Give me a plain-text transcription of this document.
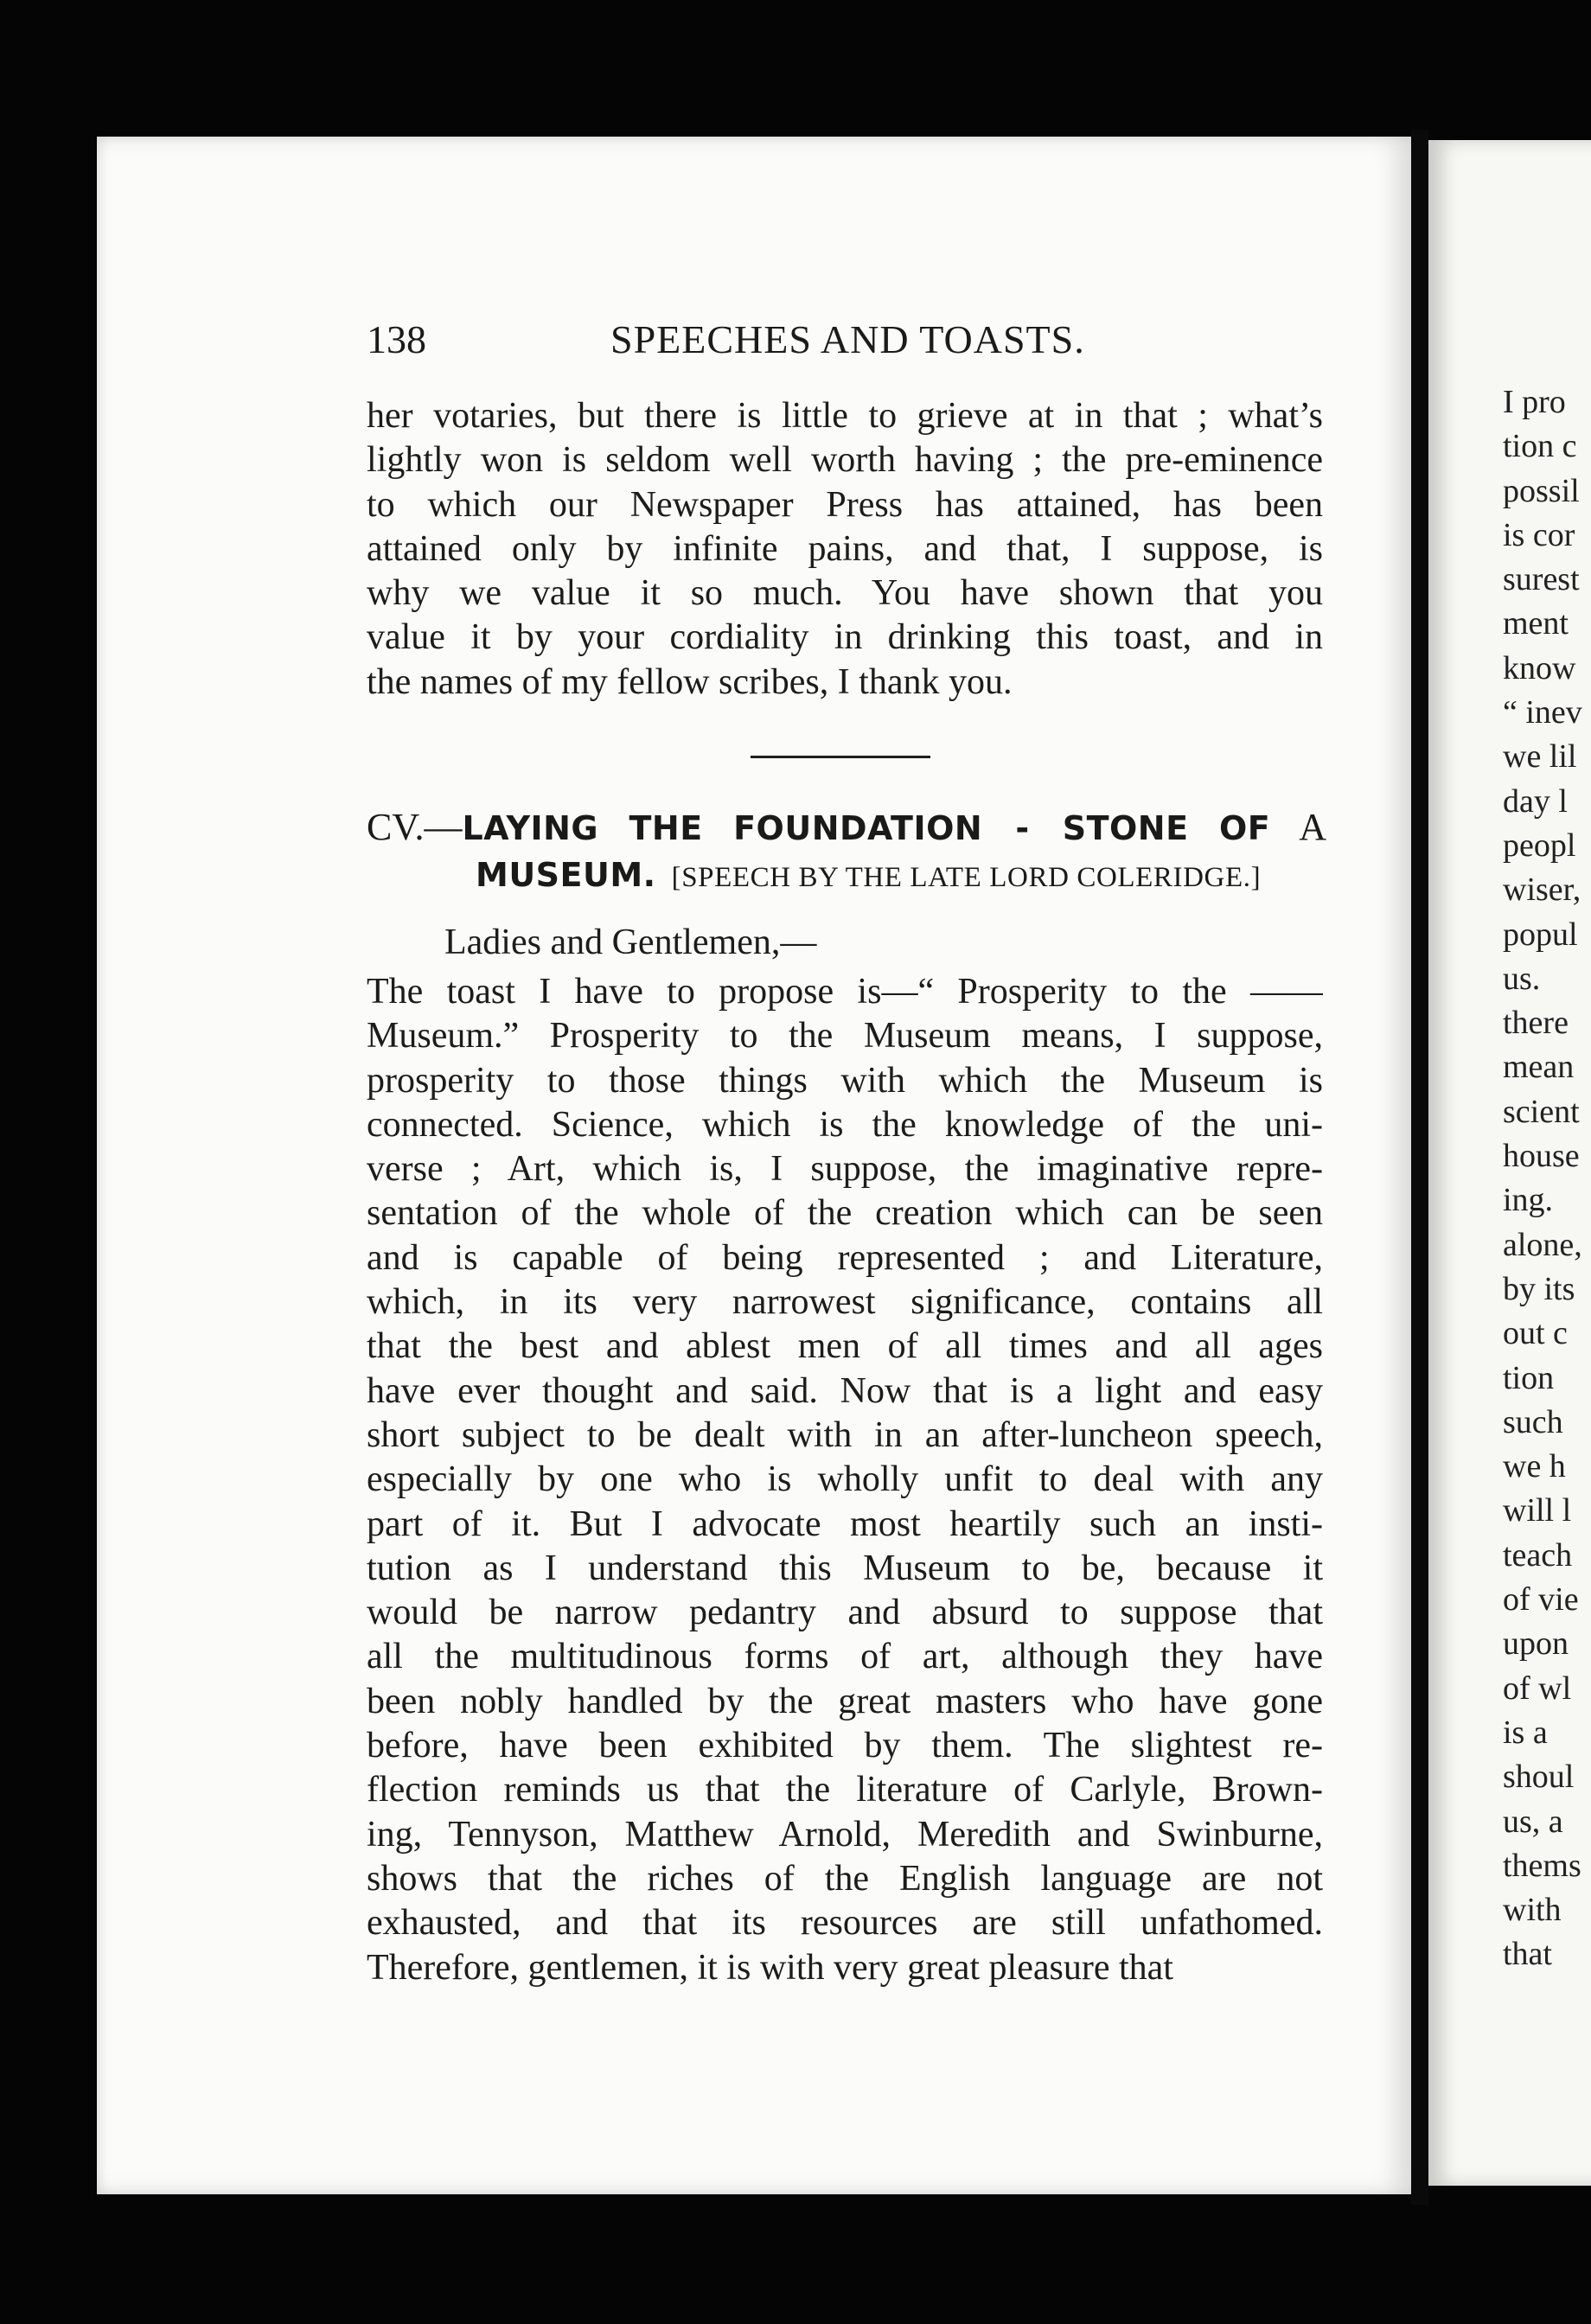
138	SPEECHES AND TOASTS.
her votaries, but there is little to grieve at in that ; what’s
lightly won is seldom well worth having ; the pre-eminence
to which our Newspaper Press has attained, has been
attained only by infinite pains, and that, I suppose, is
why we value it so much. You have shown that you
value it by your cordiality in drinking this toast, and in
the names of my fellow scribes, I thank you.
CV.—LAYING THE FOUNDATION - STONE OF A
MUSEUM. [SPEECH BY THE LATE LORD COLERIDGE.]
Ladies and Gentlemen,—
The toast I have to propose is—“ Prosperity to the ——
Museum.” Prosperity to the Museum means, I suppose,
prosperity to those things with which the Museum is
connected. Science, which is the knowledge of the uni-
verse ; Art, which is, I suppose, the imaginative repre-
sentation of the whole of the creation which can be seen
and is capable of being represented ; and Literature,
which, in its very narrowest significance, contains all
that the best and ablest men of all times and all ages
have ever thought and said. Now that is a light and easy
short subject to be dealt with in an after-luncheon speech,
especially by one who is wholly unfit to deal with any
part of it. But I advocate most heartily such an insti-
tution as I understand this Museum to be, because it
would be narrow pedantry and absurd to suppose that
all the multitudinous forms of art, although they have
been nobly handled by the great masters who have gone
before, have been exhibited by them. The slightest re-
flection reminds us that the literature of Carlyle, Brown-
ing, Tennyson, Matthew Arnold, Meredith and Swinburne,
shows that the riches of the English language are not
exhausted, and that its resources are still unfathomed.
Therefore, gentlemen, it is with very great pleasure that
I pro
tion c
possil
is cor
surest
ment
know
“ inev
we lil
day l
peopl
wiser,
popul
us.
there
mean
scient
house
ing.
alone,
by its
out c
tion
such
we h
will l
teach
of vie
upon
of wl
is a
shoul
us, a
thems
with
that
